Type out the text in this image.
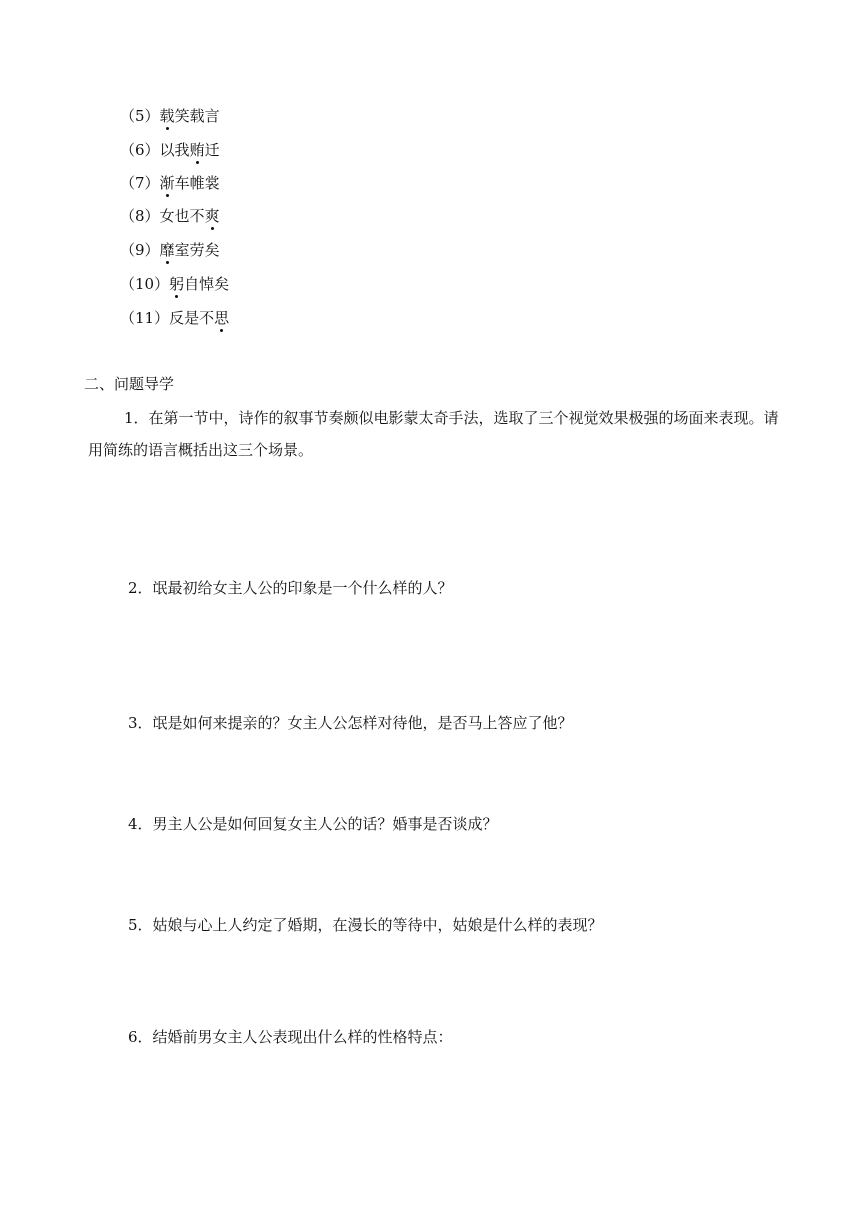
（5）载笑载言
（6）以我贿迁
（7）渐车帷裳
（8）女也不爽
（9）靡室劳矣
（10）躬自悼矣
（11）反是不思
二、问题导学
1．在第一节中，诗作的叙事节奏颇似电影蒙太奇手法，选取了三个视觉效果极强的场面来表现。请用简练的语言概括出这三个场景。
2．氓最初给女主人公的印象是一个什么样的人？
3．氓是如何来提亲的？女主人公怎样对待他，是否马上答应了他？
4．男主人公是如何回复女主人公的话？婚事是否谈成？
5．姑娘与心上人约定了婚期，在漫长的等待中，姑娘是什么样的表现？
6．结婚前男女主人公表现出什么样的性格特点：
